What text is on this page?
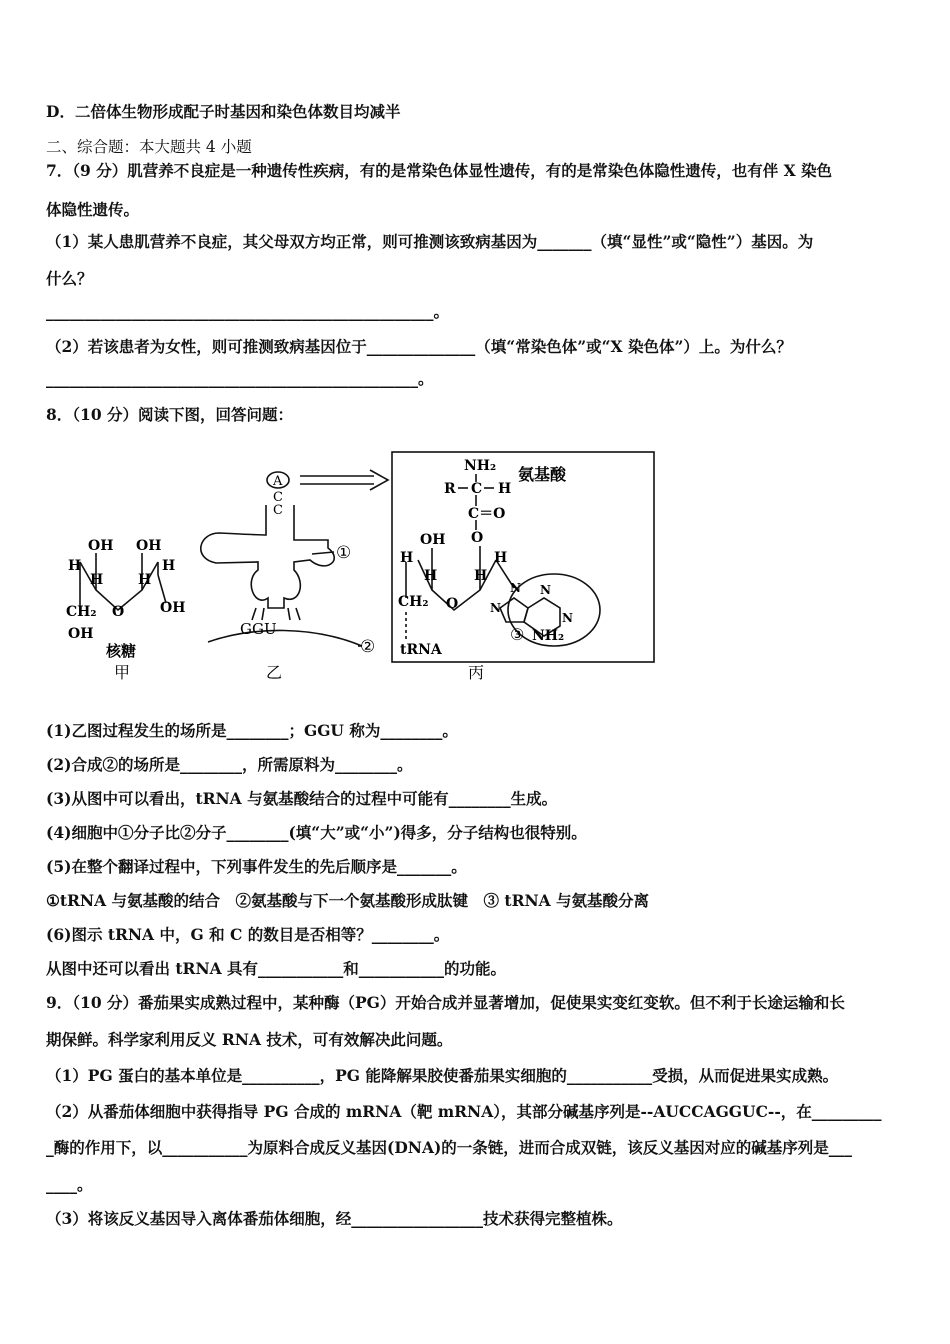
D．二倍体生物形成配子时基因和染色体数目均减半
二、综合题：本大题共 4 小题
7．（9 分）肌营养不良症是一种遗传性疾病，有的是常染色体显性遗传，有的是常染色体隐性遗传，也有伴 X 染色
体隐性遗传。
（1）某人患肌营养不良症，其父母双方均正常，则可推测该致病基因为_______（填“显性”或“隐性”）基因。为
什么？
__________________________________________________。
（2）若该患者为女性，则可推测致病基因位于______________（填“常染色体”或“X 染色体”）上。为什么？
________________________________________________。
8．（10 分）阅读下图，回答问题：
OH OH
H
H H
H
CH₂ O	OH
OH
核糖
甲
A
C
C
①
GGU
②
乙
NH₂ 氨基酸
R C H
C＝O
O
OH
H
H	H
H
CH₂ O
tRNA
N N
N
N
③ NH₂
丙
(1)乙图过程发生的场所是________；GGU 称为________。
(2)合成②的场所是________，所需原料为________。
(3)从图中可以看出，tRNA 与氨基酸结合的过程中可能有________生成。
(4)细胞中①分子比②分子________(填“大”或“小”)得多，分子结构也很特别。
(5)在整个翻译过程中，下列事件发生的先后顺序是_______。
①tRNA 与氨基酸的结合　②氨基酸与下一个氨基酸形成肽键　③ tRNA 与氨基酸分离
(6)图示 tRNA 中，G 和 C 的数目是否相等？________。
从图中还可以看出 tRNA 具有___________和___________的功能。
9．（10 分）番茄果实成熟过程中，某种酶（PG）开始合成并显著增加，促使果实变红变软。但不利于长途运输和长
期保鲜。科学家利用反义 RNA 技术，可有效解决此问题。
（1）PG 蛋白的基本单位是__________，PG 能降解果胶使番茄果实细胞的___________受损，从而促进果实成熟。
（2）从番茄体细胞中获得指导 PG 合成的 mRNA（靶 mRNA），其部分碱基序列是--AUCCAGGUC--，在_________
_酶的作用下，以___________为原料合成反义基因(DNA)的一条链，进而合成双链，该反义基因对应的碱基序列是___
____。
（3）将该反义基因导入离体番茄体细胞，经_________________技术获得完整植株。
